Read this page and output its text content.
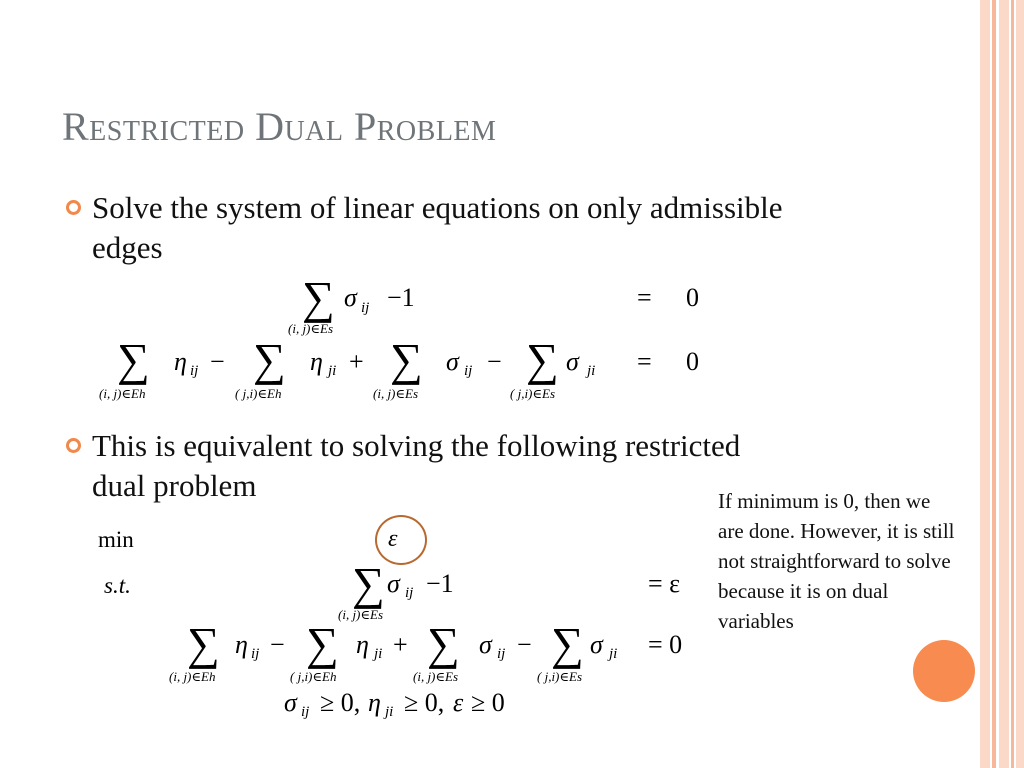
Restricted Dual Problem
Solve the system of linear equations on only admissible edges
∑
(i, j)∈Es
σ ij −1	= 0
∑
(i, j)∈Eh
η ij − ∑
( j,i)∈Eh
η ji + ∑
(i, j)∈Es
σ ij − ∑
( j,i)∈Es
σ ji = 0
This is equivalent to solving the following restricted dual problem	If minimum is 0, then we are done. However, it is still not straightforward to solve because it is on dual variables
min	ε
s.t.	∑
(i, j)∈Es
σ ij −1	= ε
∑
(i, j)∈Eh
η ij − ∑
( j,i)∈Eh
η ji + ∑
(i, j)∈Es
σ ij − ∑
( j,i)∈Es
σ ji = 0
σ ij ≥ 0, η ji ≥ 0, ε ≥ 0
